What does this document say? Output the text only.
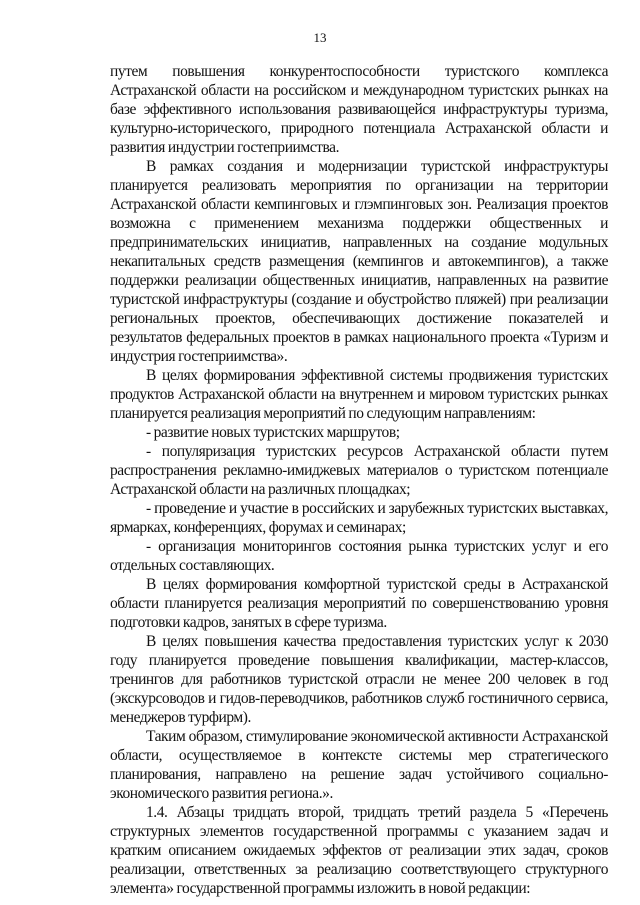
13

путем повышения конкурентоспособности туристского комплекса Астраханской области на российском и международном туристских рынках на базе эффективного использования развивающейся инфраструктуры туризма, культурно-исторического, природного потенциала Астраханской области и развития индустрии гостеприимства.

В рамках создания и модернизации туристской инфраструктуры планируется реализовать мероприятия по организации на территории Астраханской области кемпинговых и глэмпинговых зон. Реализация проектов возможна с применением механизма поддержки общественных и предпринимательских инициатив, направленных на создание модульных некапитальных средств размещения (кемпингов и автокемпингов), а также поддержки реализации общественных инициатив, направленных на развитие туристской инфраструктуры (создание и обустройство пляжей) при реализации региональных проектов, обеспечивающих достижение показателей и результатов федеральных проектов в рамках национального проекта «Туризм и индустрия гостеприимства».

В целях формирования эффективной системы продвижения туристских продуктов Астраханской области на внутреннем и мировом туристских рынках планируется реализация мероприятий по следующим направлениям:

- развитие новых туристских маршрутов;

- популяризация туристских ресурсов Астраханской области путем распространения рекламно-имиджевых материалов о туристском потенциале Астраханской области на различных площадках;

- проведение и участие в российских и зарубежных туристских выставках, ярмарках, конференциях, форумах и семинарах;

- организация мониторингов состояния рынка туристских услуг и его отдельных составляющих.

В целях формирования комфортной туристской среды в Астраханской области планируется реализация мероприятий по совершенствованию уровня подготовки кадров, занятых в сфере туризма.

В целях повышения качества предоставления туристских услуг к 2030 году планируется проведение повышения квалификации, мастер-классов, тренингов для работников туристской отрасли не менее 200 человек в год (экскурсоводов и гидов-переводчиков, работников служб гостиничного сервиса, менеджеров турфирм).

Таким образом, стимулирование экономической активности Астраханской области, осуществляемое в контексте системы мер стратегического планирования, направлено на решение задач устойчивого социально-экономического развития региона.».

1.4. Абзацы тридцать второй, тридцать третий раздела 5 «Перечень структурных элементов государственной программы с указанием задач и кратким описанием ожидаемых эффектов от реализации этих задач, сроков реализации, ответственных за реализацию соответствующего структурного элемента» государственной программы изложить в новой редакции:
